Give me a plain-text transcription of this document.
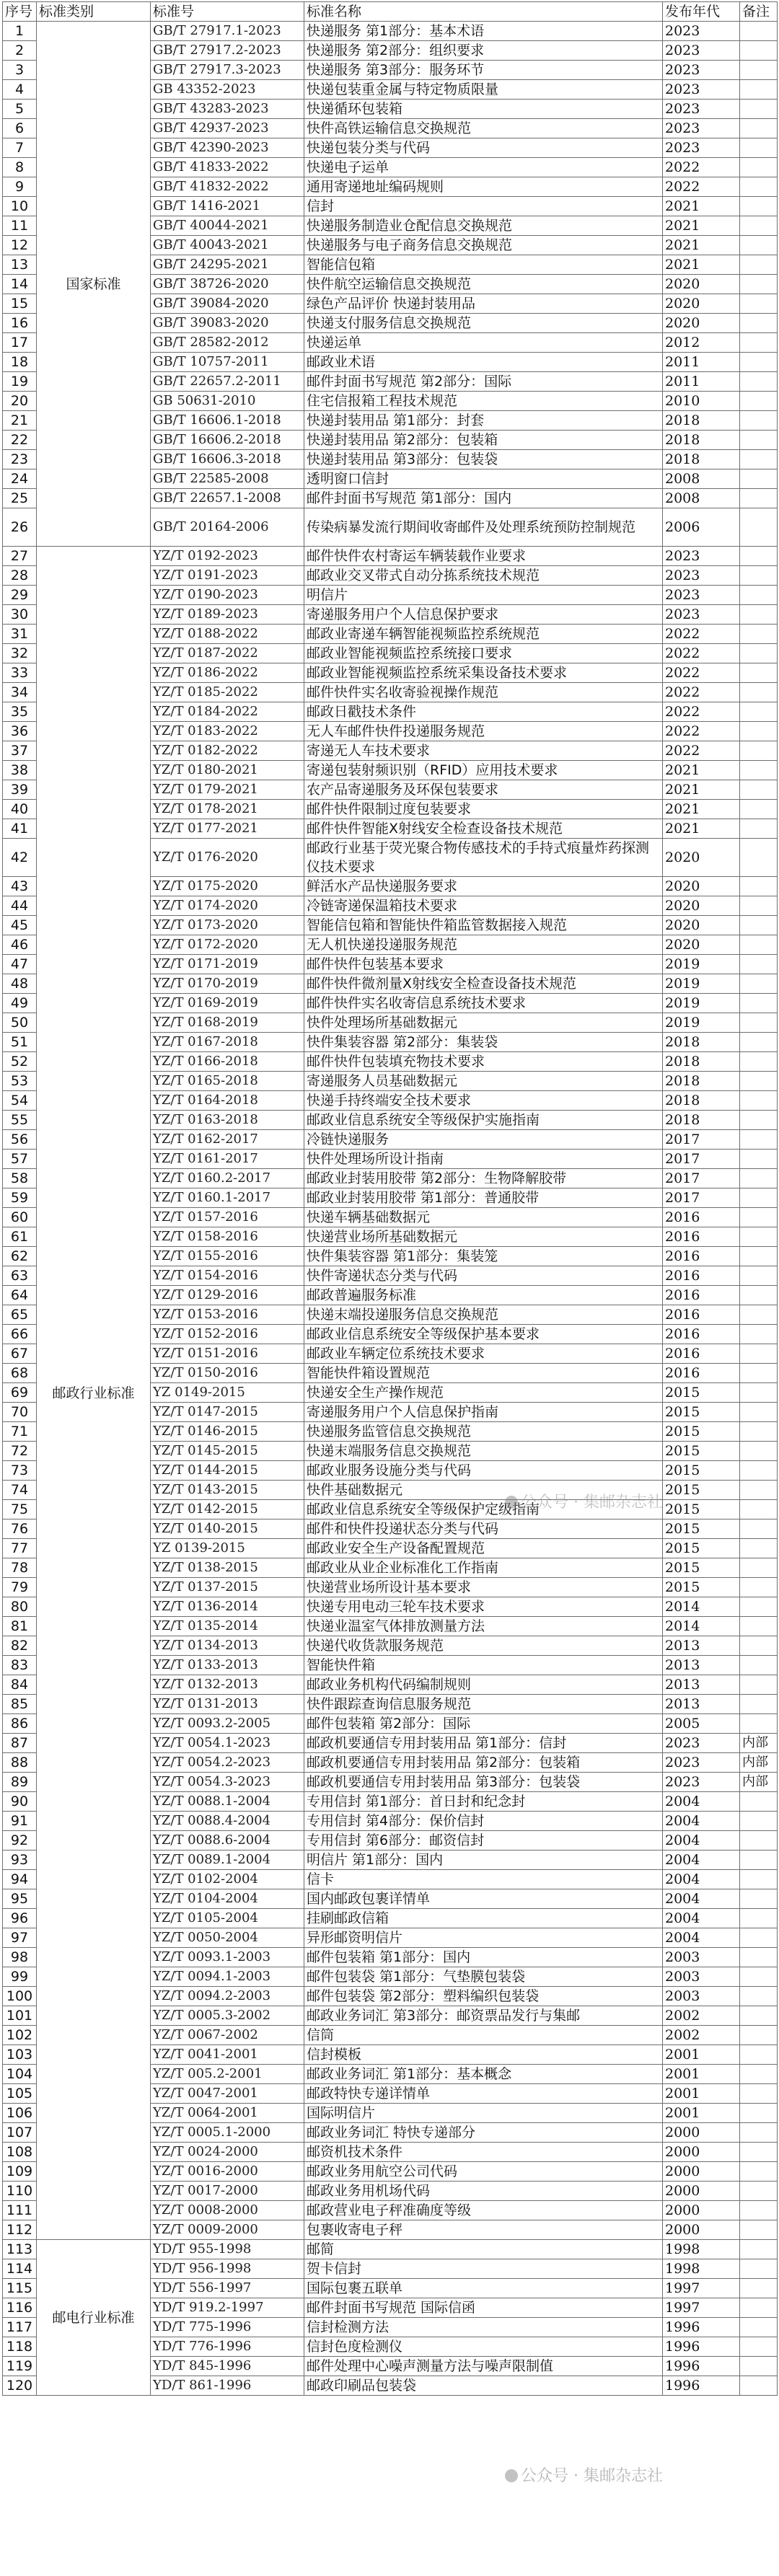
序号	标准类别	标准号	标准名称	发布年代	备注
1	国家标准	GB/T 27917.1-2023	快递服务 第1部分：基本术语	2023	
2		GB/T 27917.2-2023	快递服务 第2部分：组织要求	2023	
3		GB/T 27917.3-2023	快递服务 第3部分：服务环节	2023	
4		GB 43352-2023	快递包装重金属与特定物质限量	2023	
5		GB/T 43283-2023	快递循环包装箱	2023	
6		GB/T 42937-2023	快件高铁运输信息交换规范	2023	
7		GB/T 42390-2023	快递包装分类与代码	2023	
8		GB/T 41833-2022	快递电子运单	2022	
9		GB/T 41832-2022	通用寄递地址编码规则	2022	
10		GB/T 1416-2021	信封	2021	
11		GB/T 40044-2021	快递服务制造业仓配信息交换规范	2021	
12		GB/T 40043-2021	快递服务与电子商务信息交换规范	2021	
13		GB/T 24295-2021	智能信包箱	2021	
14		GB/T 38726-2020	快件航空运输信息交换规范	2020	
15		GB/T 39084-2020	绿色产品评价 快递封装用品	2020	
16		GB/T 39083-2020	快递支付服务信息交换规范	2020	
17		GB/T 28582-2012	快递运单	2012	
18		GB/T 10757-2011	邮政业术语	2011	
19		GB/T 22657.2-2011	邮件封面书写规范 第2部分：国际	2011	
20		GB 50631-2010	住宅信报箱工程技术规范	2010	
21		GB/T 16606.1-2018	快递封装用品 第1部分：封套	2018	
22		GB/T 16606.2-2018	快递封装用品 第2部分：包装箱	2018	
23		GB/T 16606.3-2018	快递封装用品 第3部分：包装袋	2018	
24		GB/T 22585-2008	透明窗口信封	2008	
25		GB/T 22657.1-2008	邮件封面书写规范 第1部分：国内	2008	
26		GB/T 20164-2006	传染病暴发流行期间收寄邮件及处理系统预防控制规范	2006	
27	邮政行业标准	YZ/T 0192-2023	邮件快件农村寄运车辆装载作业要求	2023	
28		YZ/T 0191-2023	邮政业交叉带式自动分拣系统技术规范	2023	
29		YZ/T 0190-2023	明信片	2023	
30		YZ/T 0189-2023	寄递服务用户个人信息保护要求	2023	
31		YZ/T 0188-2022	邮政业寄递车辆智能视频监控系统规范	2022	
32		YZ/T 0187-2022	邮政业智能视频监控系统接口要求	2022	
33		YZ/T 0186-2022	邮政业智能视频监控系统采集设备技术要求	2022	
34		YZ/T 0185-2022	邮件快件实名收寄验视操作规范	2022	
35		YZ/T 0184-2022	邮政日戳技术条件	2022	
36		YZ/T 0183-2022	无人车邮件快件投递服务规范	2022	
37		YZ/T 0182-2022	寄递无人车技术要求	2022	
38		YZ/T 0180-2021	寄递包装射频识别（RFID）应用技术要求	2021	
39		YZ/T 0179-2021	农产品寄递服务及环保包装要求	2021	
40		YZ/T 0178-2021	邮件快件限制过度包装要求	2021	
41		YZ/T 0177-2021	邮件快件智能X射线安全检查设备技术规范	2021	
42		YZ/T 0176-2020	邮政行业基于荧光聚合物传感技术的手持式痕量炸药探测仪技术要求	2020	
43		YZ/T 0175-2020	鲜活水产品快递服务要求	2020	
44		YZ/T 0174-2020	冷链寄递保温箱技术要求	2020	
45		YZ/T 0173-2020	智能信包箱和智能快件箱监管数据接入规范	2020	
46		YZ/T 0172-2020	无人机快递投递服务规范	2020	
47		YZ/T 0171-2019	邮件快件包装基本要求	2019	
48		YZ/T 0170-2019	邮件快件微剂量X射线安全检查设备技术规范	2019	
49		YZ/T 0169-2019	邮件快件实名收寄信息系统技术要求	2019	
50		YZ/T 0168-2019	快件处理场所基础数据元	2019	
51		YZ/T 0167-2018	快件集装容器 第2部分：集装袋	2018	
52		YZ/T 0166-2018	邮件快件包装填充物技术要求	2018	
53		YZ/T 0165-2018	寄递服务人员基础数据元	2018	
54		YZ/T 0164-2018	快递手持终端安全技术要求	2018	
55		YZ/T 0163-2018	邮政业信息系统安全等级保护实施指南	2018	
56		YZ/T 0162-2017	冷链快递服务	2017	
57		YZ/T 0161-2017	快件处理场所设计指南	2017	
58		YZ/T 0160.2-2017	邮政业封装用胶带 第2部分：生物降解胶带	2017	
59		YZ/T 0160.1-2017	邮政业封装用胶带 第1部分：普通胶带	2017	
60		YZ/T 0157-2016	快递车辆基础数据元	2016	
61		YZ/T 0158-2016	快递营业场所基础数据元	2016	
62		YZ/T 0155-2016	快件集装容器 第1部分：集装笼	2016	
63		YZ/T 0154-2016	快件寄递状态分类与代码	2016	
64		YZ/T 0129-2016	邮政普遍服务标准	2016	
65		YZ/T 0153-2016	快递末端投递服务信息交换规范	2016	
66		YZ/T 0152-2016	邮政业信息系统安全等级保护基本要求	2016	
67		YZ/T 0151-2016	邮政业车辆定位系统技术要求	2016	
68		YZ/T 0150-2016	智能快件箱设置规范	2016	
69		YZ 0149-2015	快递安全生产操作规范	2015	
70		YZ/T 0147-2015	寄递服务用户个人信息保护指南	2015	
71		YZ/T 0146-2015	快递服务监管信息交换规范	2015	
72		YZ/T 0145-2015	快递末端服务信息交换规范	2015	
73		YZ/T 0144-2015	邮政业服务设施分类与代码	2015	
74		YZ/T 0143-2015	快件基础数据元	2015	
75		YZ/T 0142-2015	邮政业信息系统安全等级保护定级指南	2015	
76		YZ/T 0140-2015	邮件和快件投递状态分类与代码	2015	
77		YZ 0139-2015	邮政业安全生产设备配置规范	2015	
78		YZ/T 0138-2015	邮政业从业企业标准化工作指南	2015	
79		YZ/T 0137-2015	快递营业场所设计基本要求	2015	
80		YZ/T 0136-2014	快递专用电动三轮车技术要求	2014	
81		YZ/T 0135-2014	快递业温室气体排放测量方法	2014	
82		YZ/T 0134-2013	快递代收货款服务规范	2013	
83		YZ/T 0133-2013	智能快件箱	2013	
84		YZ/T 0132-2013	邮政业务机构代码编制规则	2013	
85		YZ/T 0131-2013	快件跟踪查询信息服务规范	2013	
86		YZ/T 0093.2-2005	邮件包装箱 第2部分：国际	2005	
87		YZ/T 0054.1-2023	邮政机要通信专用封装用品 第1部分：信封	2023	内部
88		YZ/T 0054.2-2023	邮政机要通信专用封装用品 第2部分：包装箱	2023	内部
89		YZ/T 0054.3-2023	邮政机要通信专用封装用品 第3部分：包装袋	2023	内部
90		YZ/T 0088.1-2004	专用信封 第1部分：首日封和纪念封	2004	
91		YZ/T 0088.4-2004	专用信封 第4部分：保价信封	2004	
92		YZ/T 0088.6-2004	专用信封 第6部分：邮资信封	2004	
93		YZ/T 0089.1-2004	明信片 第1部分：国内	2004	
94		YZ/T 0102-2004	信卡	2004	
95		YZ/T 0104-2004	国内邮政包裹详情单	2004	
96		YZ/T 0105-2004	挂刷邮政信箱	2004	
97		YZ/T 0050-2004	异形邮资明信片	2004	
98		YZ/T 0093.1-2003	邮件包装箱 第1部分：国内	2003	
99		YZ/T 0094.1-2003	邮件包装袋 第1部分：气垫膜包装袋	2003	
100		YZ/T 0094.2-2003	邮件包装袋 第2部分：塑料编织包装袋	2003	
101		YZ/T 0005.3-2002	邮政业务词汇 第3部分：邮资票品发行与集邮	2002	
102		YZ/T 0067-2002	信筒	2002	
103		YZ/T 0041-2001	信封模板	2001	
104		YZ/T 005.2-2001	邮政业务词汇 第1部分：基本概念	2001	
105		YZ/T 0047-2001	邮政特快专递详情单	2001	
106		YZ/T 0064-2001	国际明信片	2001	
107		YZ/T 0005.1-2000	邮政业务词汇 特快专递部分	2000	
108		YZ/T 0024-2000	邮资机技术条件	2000	
109		YZ/T 0016-2000	邮政业务用航空公司代码	2000	
110		YZ/T 0017-2000	邮政业务用机场代码	2000	
111		YZ/T 0008-2000	邮政营业电子秤准确度等级	2000	
112		YZ/T 0009-2000	包裹收寄电子秤	2000	
113	邮电行业标准	YD/T 955-1998	邮简	1998	
114		YD/T 956-1998	贺卡信封	1998	
115		YD/T 556-1997	国际包裹五联单	1997	
116		YD/T 919.2-1997	邮件封面书写规范 国际信函	1997	
117		YD/T 775-1996	信封检测方法	1996	
118		YD/T 776-1996	信封色度检测仪	1996	
119		YD/T 845-1996	邮件处理中心噪声测量方法与噪声限制值	1996	
120		YD/T 861-1996	邮政印刷品包装袋	1996	
公众号 · 集邮杂志社
公众号 · 集邮杂志社
